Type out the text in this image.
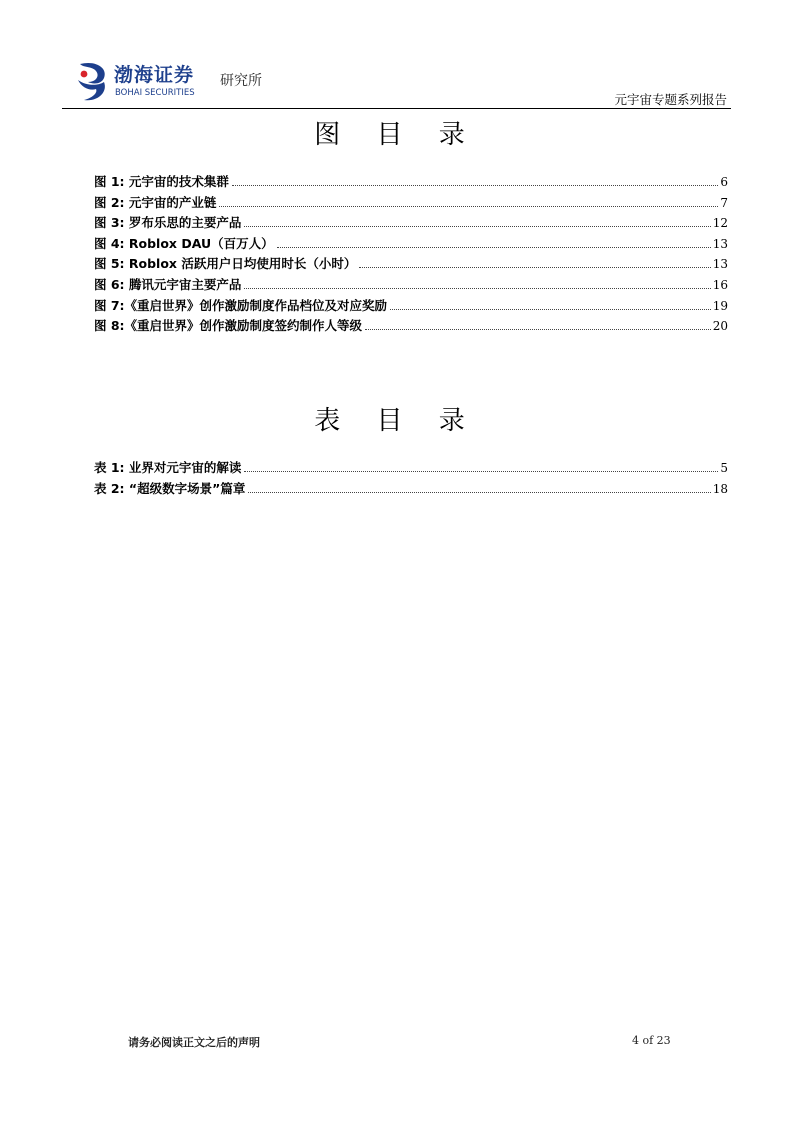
渤海证券
BOHAI SECURITIES
研究所
元宇宙专题系列报告
图 目 录
图 1: 元宇宙的技术集群	6
图 2: 元宇宙的产业链	7
图 3: 罗布乐思的主要产品	12
图 4: Roblox DAU（百万人）	13
图 5: Roblox 活跃用户日均使用时长（小时）	13
图 6: 腾讯元宇宙主要产品	16
图 7:《重启世界》创作激励制度作品档位及对应奖励	19
图 8:《重启世界》创作激励制度签约制作人等级	20
表 目 录
表 1: 业界对元宇宙的解读	5
表 2: “超级数字场景”篇章	18
请务必阅读正文之后的声明	4 of 23
